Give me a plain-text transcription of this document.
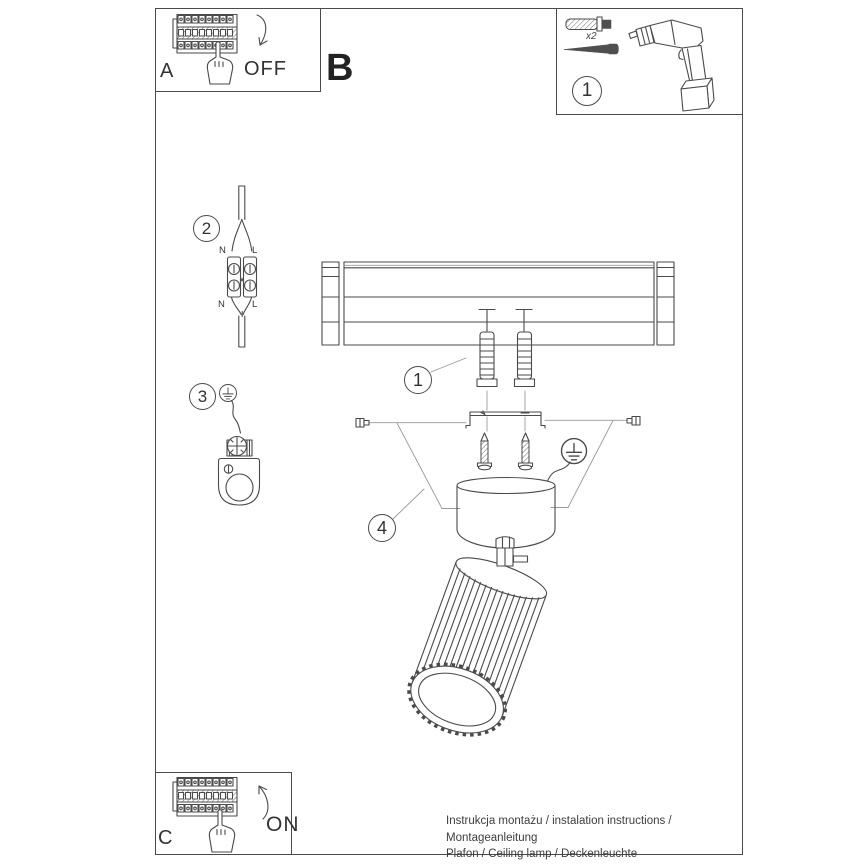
A	OFF B
1
x2
2
N	L
N	L
3
1
4
C
ON	Instrukcja montażu / instalation instructions / Montageanleitung
Plafon / Ceiling lamp / Deckenleuchte
